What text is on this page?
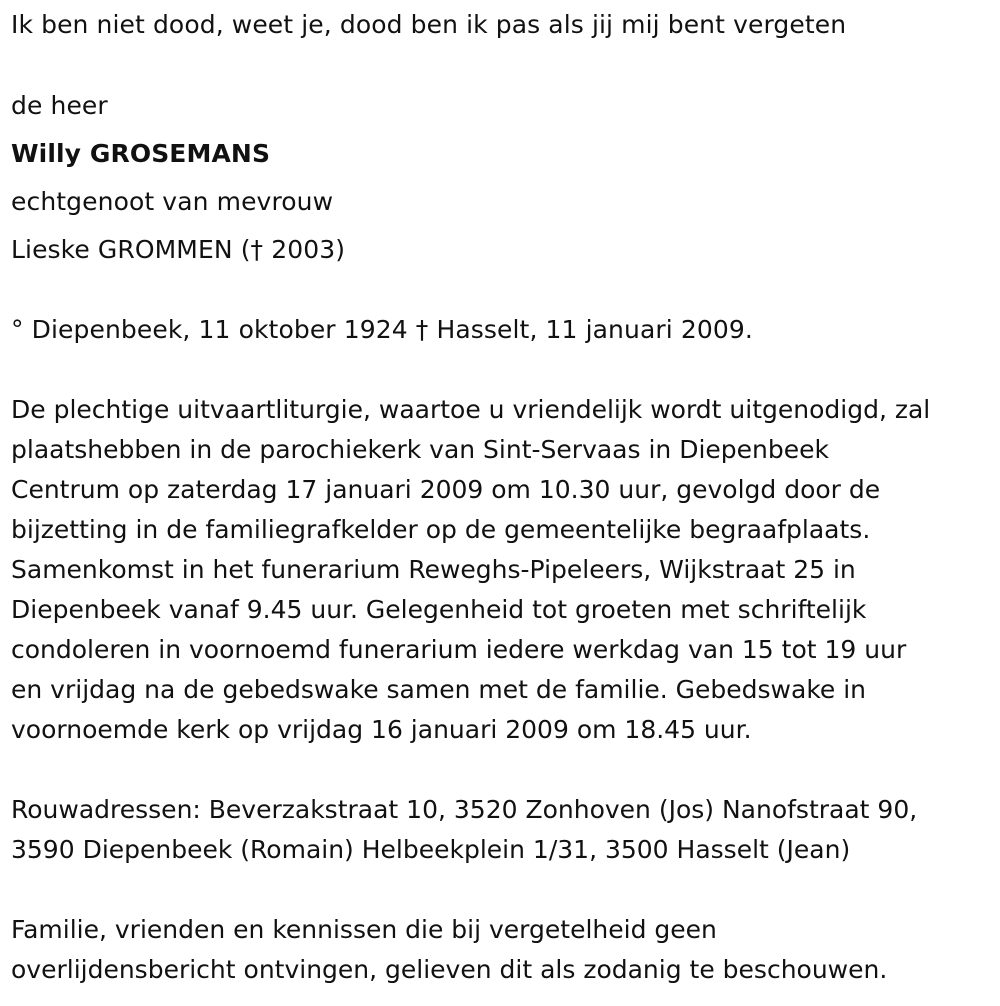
Ik ben niet dood, weet je, dood ben ik pas als jij mij bent vergeten
de heer
Willy GROSEMANS
echtgenoot van mevrouw
Lieske GROMMEN († 2003)
° Diepenbeek, 11 oktober 1924 † Hasselt, 11 januari 2009.
De plechtige uitvaartliturgie, waartoe u vriendelijk wordt uitgenodigd, zal
plaatshebben in de parochiekerk van Sint-Servaas in Diepenbeek
Centrum op zaterdag 17 januari 2009 om 10.30 uur, gevolgd door de
bijzetting in de familiegrafkelder op de gemeentelijke begraafplaats.
Samenkomst in het funerarium Reweghs-Pipeleers, Wijkstraat 25 in
Diepenbeek vanaf 9.45 uur. Gelegenheid tot groeten met schriftelijk
condoleren in voornoemd funerarium iedere werkdag van 15 tot 19 uur
en vrijdag na de gebedswake samen met de familie. Gebedswake in
voornoemde kerk op vrijdag 16 januari 2009 om 18.45 uur.
Rouwadressen: Beverzakstraat 10, 3520 Zonhoven (Jos) Nanofstraat 90,
3590 Diepenbeek (Romain) Helbeekplein 1/31, 3500 Hasselt (Jean)
Familie, vrienden en kennissen die bij vergetelheid geen
overlijdensbericht ontvingen, gelieven dit als zodanig te beschouwen.
